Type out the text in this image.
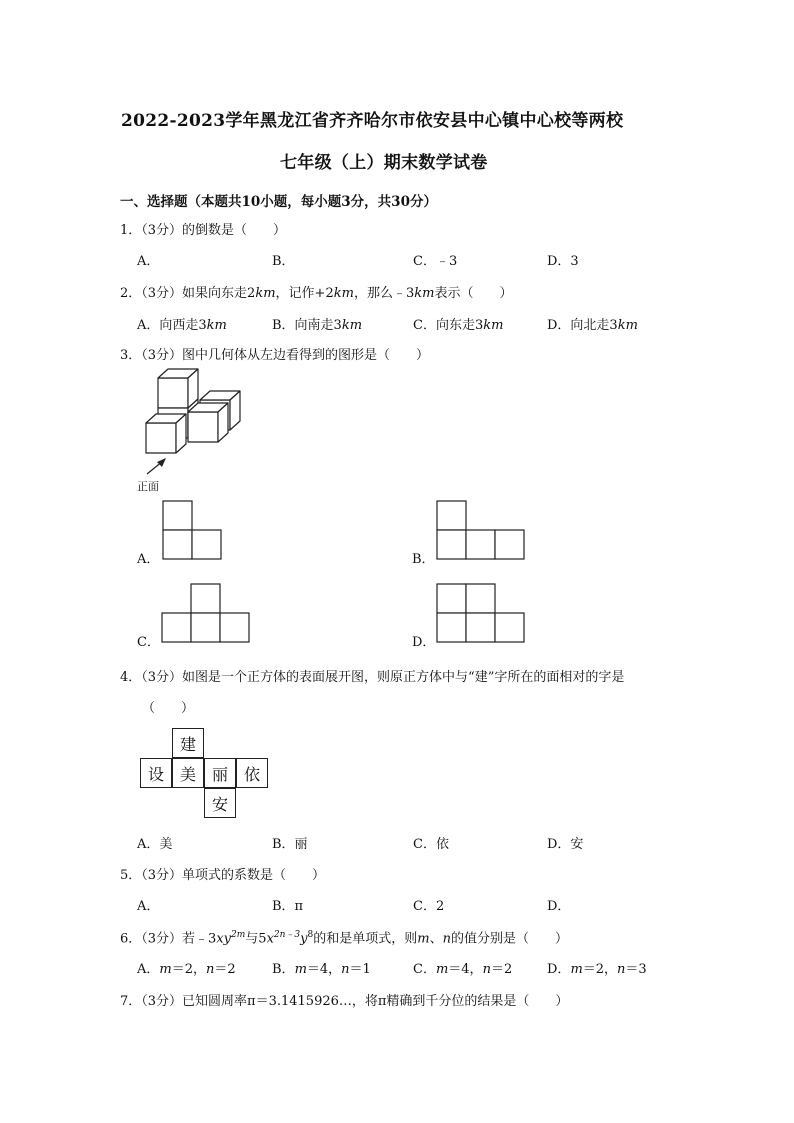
2022-2023学年黑龙江省齐齐哈尔市依安县中心镇中心校等两校
七年级（上）期末数学试卷
一、选择题（本题共10小题，每小题3分，共30分）
1．（3分）的倒数是（　　）
A．	B．	C．﹣3	D．3
2．（3分）如果向东走2km，记作+2km，那么﹣3km表示（　　）
A．向西走3km	B．向南走3km	C．向东走3km	D．向北走3km
3．（3分）图中几何体从左边看得到的图形是（　　）
正面
A．	B．
C．	D．
4．（3分）如图是一个正方体的表面展开图，则原正方体中与“建”字所在的面相对的字是
（　　）
建
设 美 丽 依
安
A．美	B．丽	C．依	D．安
5．（3分）单项式的系数是（　　）
A．	B．π	C．2	D．
6．（3分）若$﹣3xy^{2m}$与$5x^{2n﹣3}y^8$的和是单项式，则m、n的值分别是（　　）
A．m＝2，n＝2	B．m＝4，n＝1	C．m＝4，n＝2	D．m＝2，n＝3
7．（3分）已知圆周率π＝3.1415926…，将π精确到千分位的结果是（　　）
